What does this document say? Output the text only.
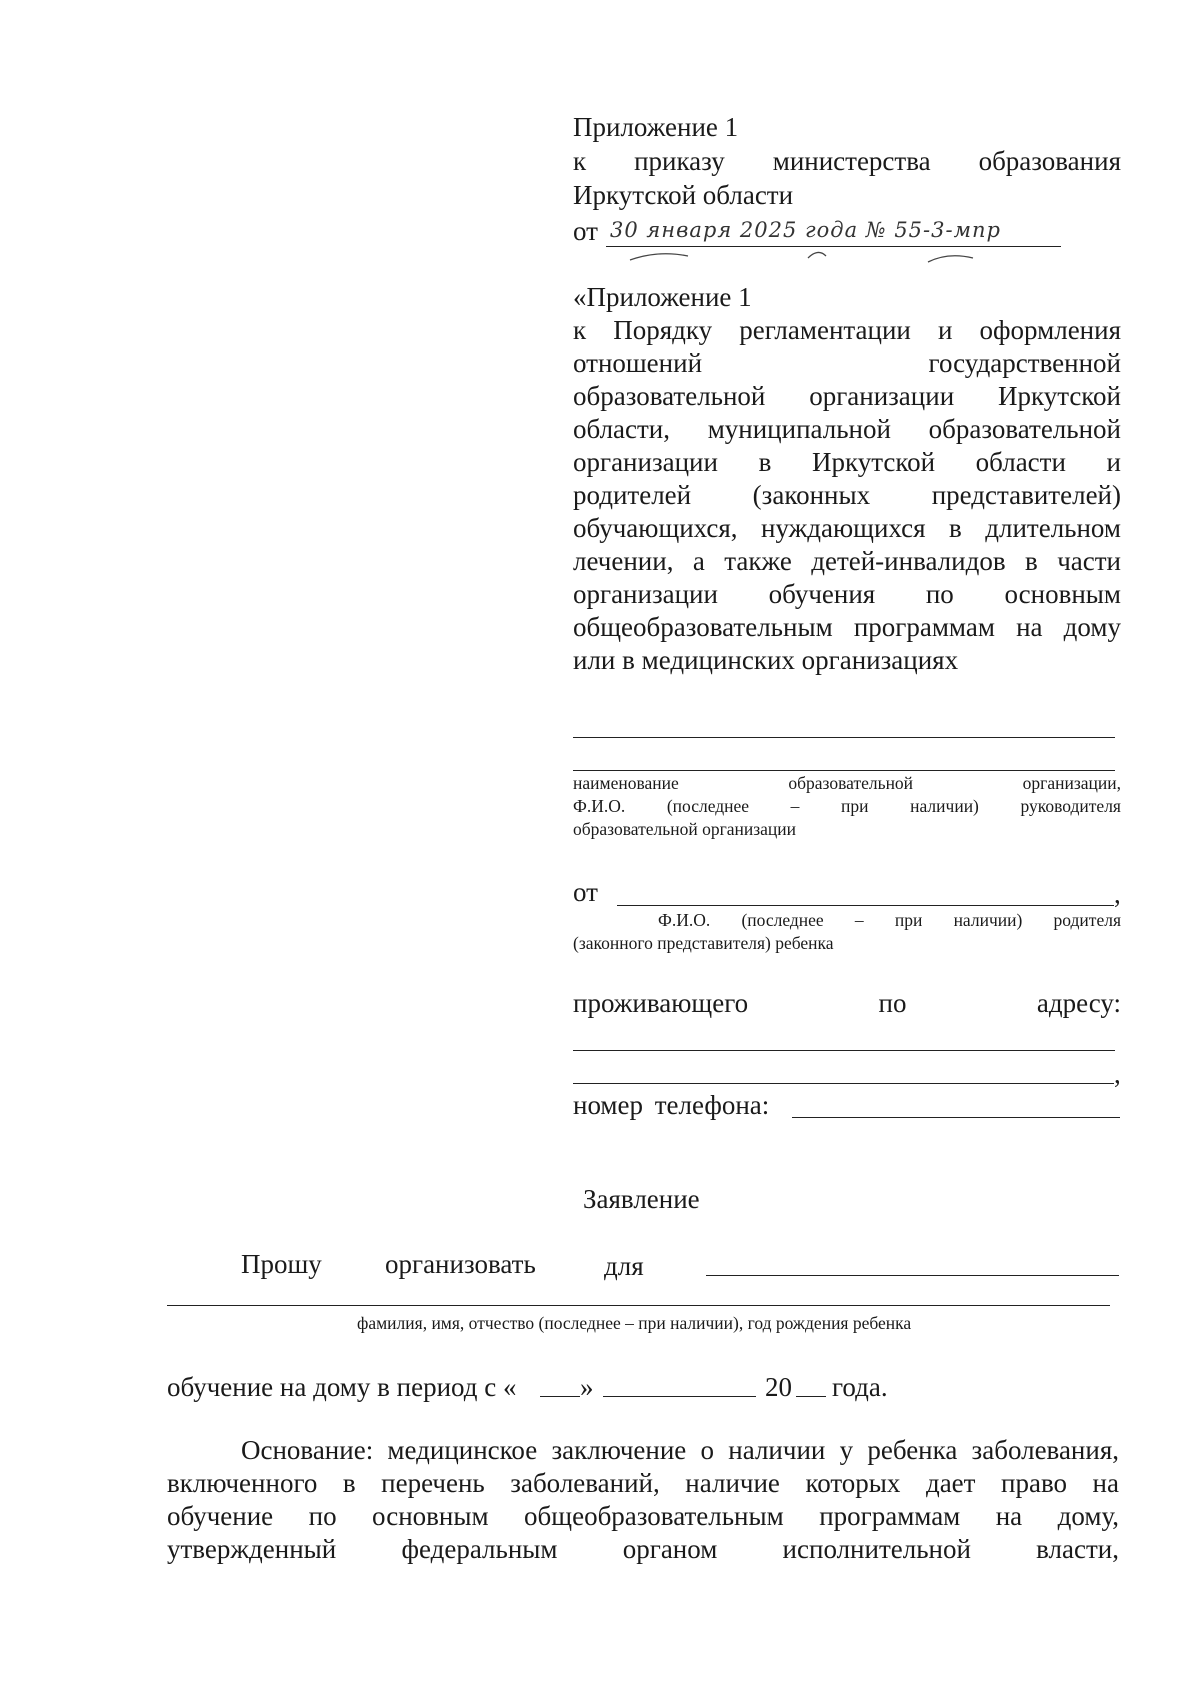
Приложение 1
к приказу министерства образования
Иркутской области
от 30 января 2025 года № 55-3-мпр
«Приложение 1
к Порядку регламентации и оформления
отношений государственной
образовательной организации Иркутской
области, муниципальной образовательной
организации в Иркутской области и
родителей (законных представителей)
обучающихся, нуждающихся в длительном
лечении, а также детей-инвалидов в части
организации обучения по основным
общеобразовательным программам на дому
или в медицинских организациях
наименование образовательной организации,
Ф.И.О. (последнее – при наличии) руководителя
образовательной организации
от	,
Ф.И.О. (последнее – при наличии) родителя
(законного представителя) ребенка
проживающего	по	адресу:
,
номер телефона:
Заявление
Прошу организовать	для
фамилия, имя, отчество (последнее – при наличии), год рождения ребенка
обучение на дому в период с « »	20 года.
Основание: медицинское заключение о наличии у ребенка заболевания,
включенного в перечень заболеваний, наличие которых дает право на
обучение по основным общеобразовательным программам на дому,
утвержденный федеральным органом исполнительной власти,
